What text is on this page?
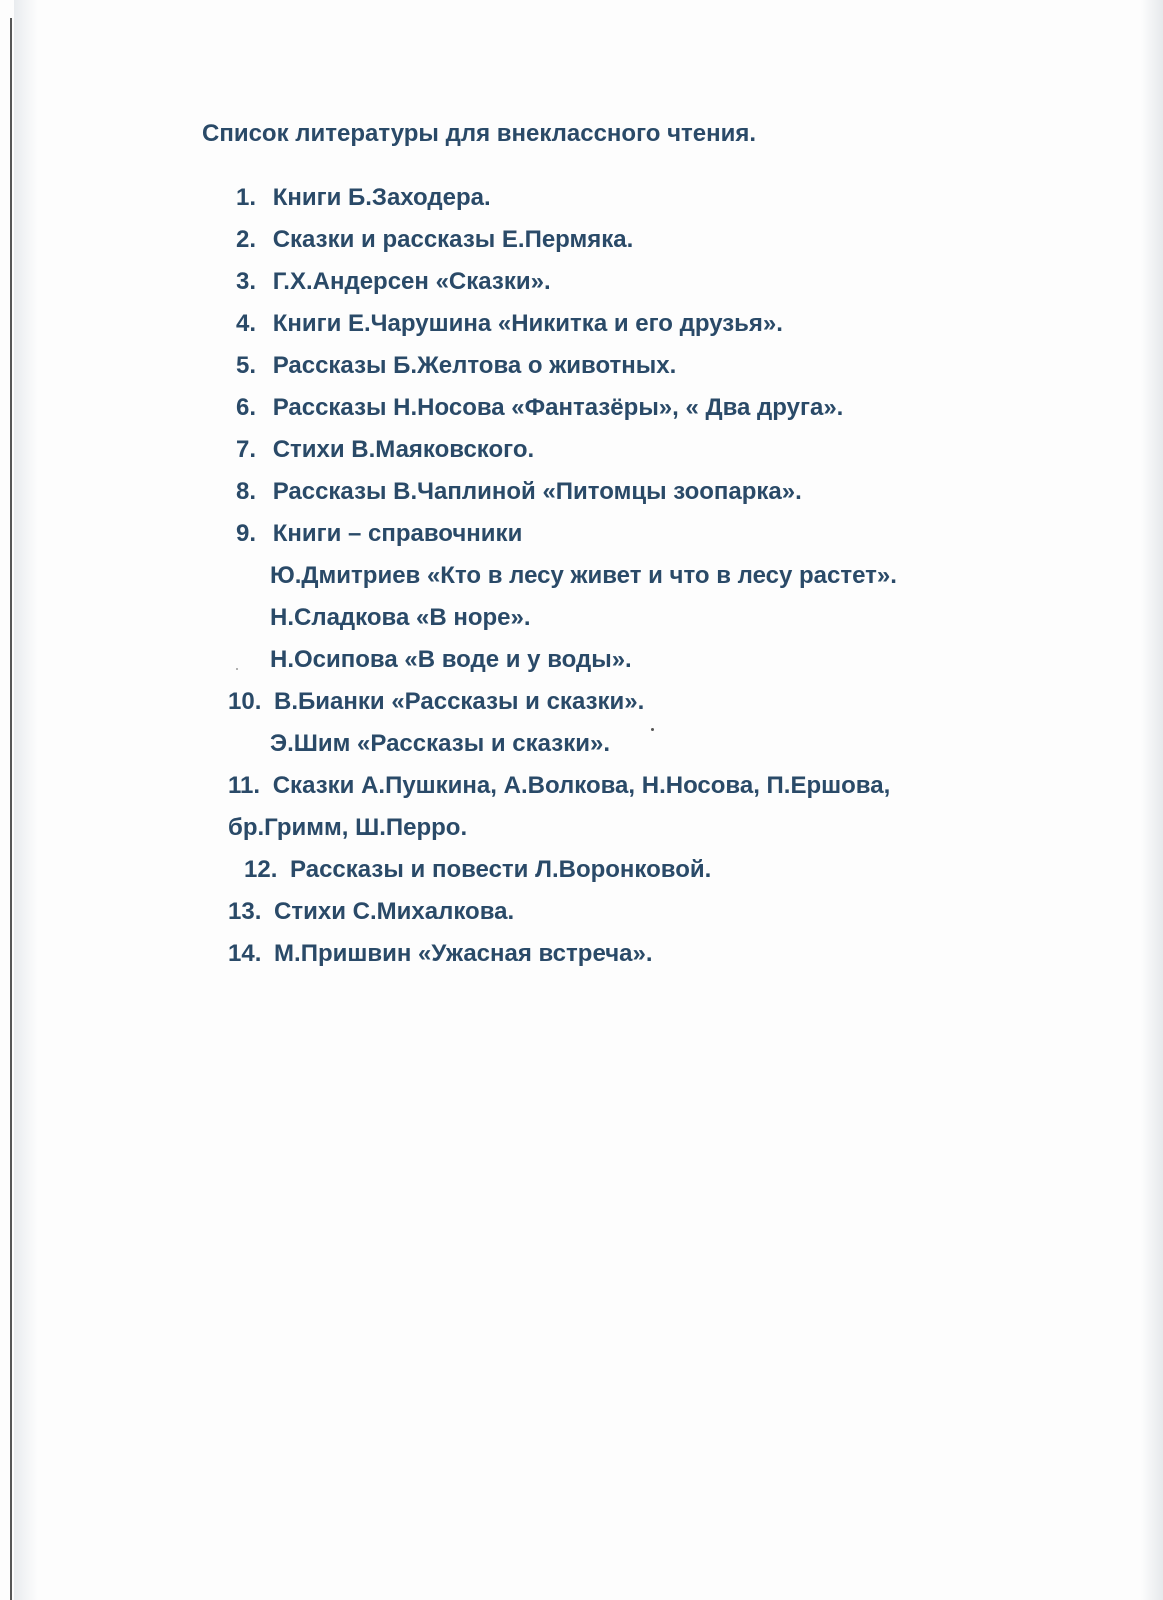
Список литературы для внеклассного чтения.

1. Книги Б.Заходера.

2. Сказки и рассказы Е.Пермяка.

3. Г.Х.Андерсен «Сказки».

4. Книги Е.Чарушина «Никитка и его друзья».

5. Рассказы Б.Желтова о животных.

6. Рассказы Н.Носова «Фантазёры», « Два друга».

7. Стихи В.Маяковского.

8. Рассказы В.Чаплиной «Питомцы зоопарка».

9. Книги – справочники

Ю.Дмитриев «Кто в лесу живет и что в лесу растет».

Н.Сладкова «В норе».

Н.Осипова «В воде и у воды».

10. В.Бианки «Рассказы и сказки».

Э.Шим «Рассказы и сказки».

11. Сказки А.Пушкина, А.Волкова, Н.Носова, П.Ершова,

бр.Гримм, Ш.Перро.

12. Рассказы и повести Л.Воронковой.

13. Стихи С.Михалкова.

14. М.Пришвин «Ужасная встреча».
